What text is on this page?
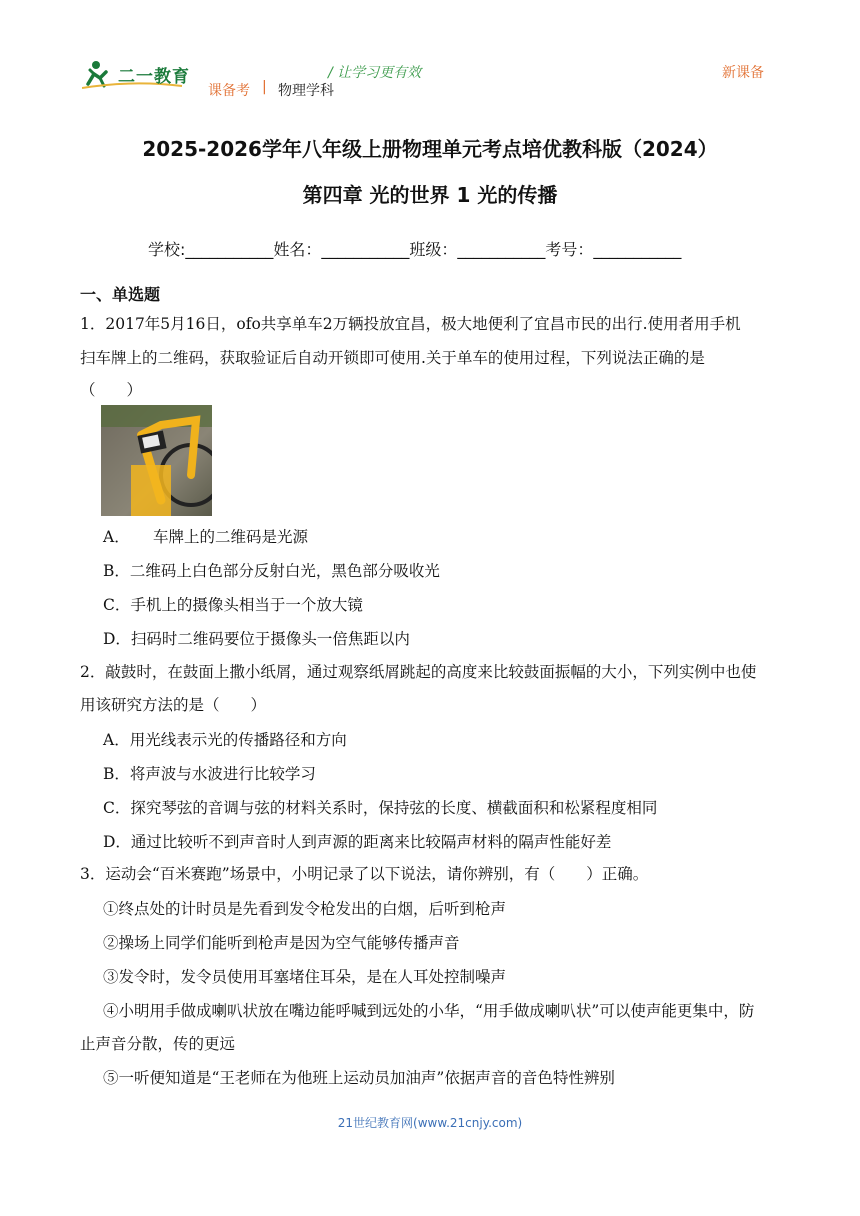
二一教育	/ 让学习更有效
课备考 | 物理学科
新课备
2025-2026学年八年级上册物理单元考点培优教科版（2024）
第四章 光的世界 1 光的传播
学校:___________姓名：___________班级：___________考号：___________
一、单选题
1．2017年5月16日，ofo共享单车2万辆投放宜昌，极大地便利了宜昌市民的出行.使用者用手机
扫车牌上的二维码，获取验证后自动开锁即可使用.关于单车的使用过程，下列说法正确的是
（　　）
A．　　车牌上的二维码是光源
B．二维码上白色部分反射白光，黑色部分吸收光
C．手机上的摄像头相当于一个放大镜
D．扫码时二维码要位于摄像头一倍焦距以内
2．敲鼓时，在鼓面上撒小纸屑，通过观察纸屑跳起的高度来比较鼓面振幅的大小，下列实例中也使
用该研究方法的是（　　）
A．用光线表示光的传播路径和方向
B．将声波与水波进行比较学习
C．探究琴弦的音调与弦的材料关系时，保持弦的长度、横截面积和松紧程度相同
D．通过比较听不到声音时人到声源的距离来比较隔声材料的隔声性能好差
3．运动会“百米赛跑”场景中，小明记录了以下说法，请你辨别，有（　　）正确。
①终点处的计时员是先看到发令枪发出的白烟，后听到枪声
②操场上同学们能听到枪声是因为空气能够传播声音
③发令时，发令员使用耳塞堵住耳朵，是在人耳处控制噪声
④小明用手做成喇叭状放在嘴边能呼喊到远处的小华，“用手做成喇叭状”可以使声能更集中，防
止声音分散，传的更远
⑤一听便知道是“王老师在为他班上运动员加油声”依据声音的音色特性辨别
21世纪教育网(www.21cnjy.com)
